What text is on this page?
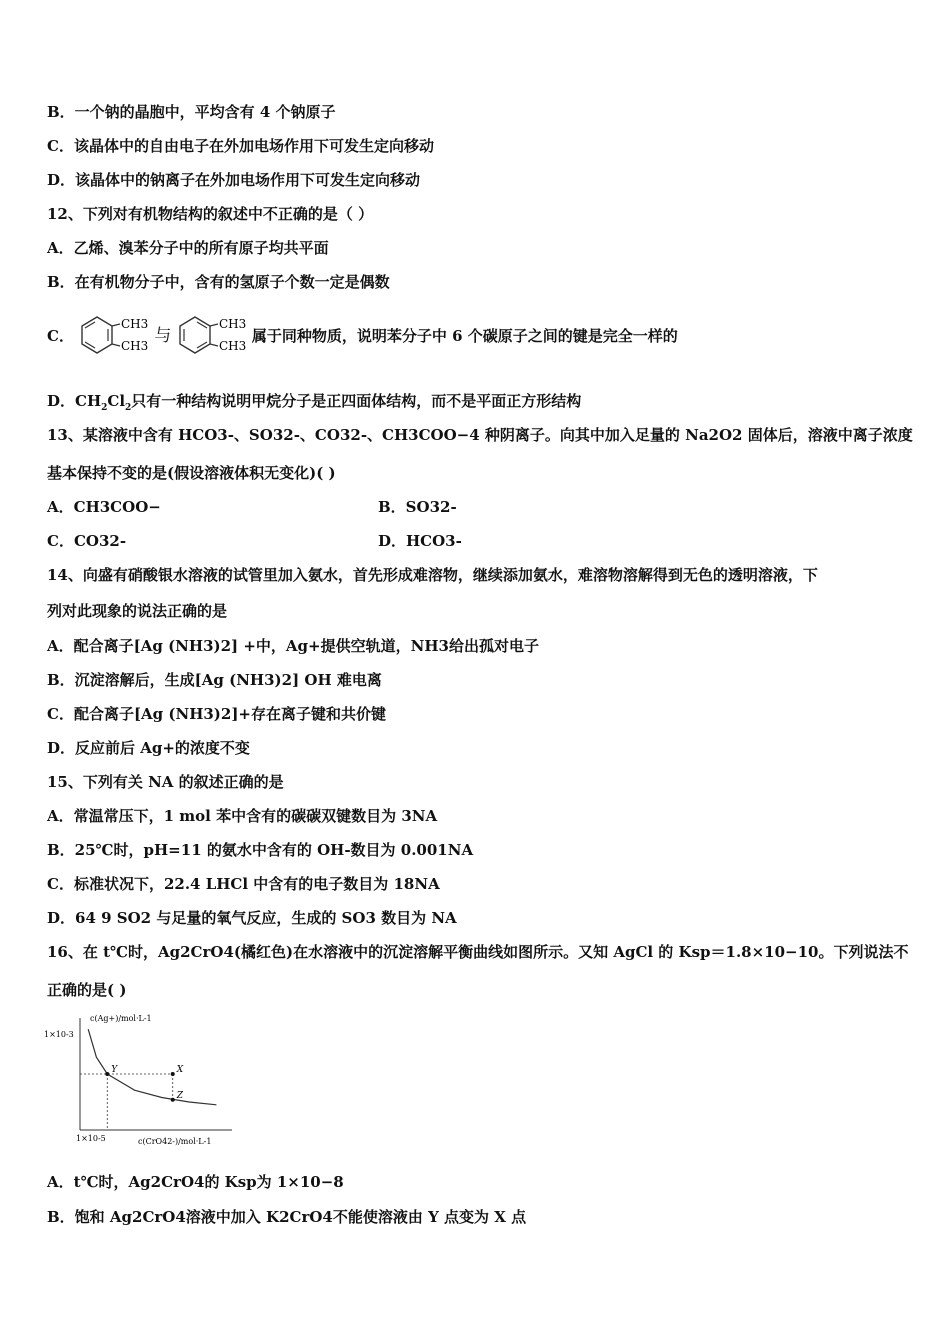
B．一个钠的晶胞中，平均含有 4 个钠原子
C．该晶体中的自由电子在外加电场作用下可发生定向移动
D．该晶体中的钠离子在外加电场作用下可发生定向移动
12、下列对有机物结构的叙述中不正确的是（ ）
A．乙烯、溴苯分子中的所有原子均共平面
B．在有机物分子中，含有的氢原子个数一定是偶数
C．
CH3
CH3 与
CH3
CH3
属于同种物质，说明苯分子中 6 个碳原子之间的键是完全一样的
D．$CH_2Cl_2$只有一种结构说明甲烷分子是正四面体结构，而不是平面正方形结构
13、某溶液中含有 HCO3-、SO32-、CO32-、CH3COO−4 种阴离子。向其中加入足量的 Na2O2 固体后，溶液中离子浓度
基本保持不变的是(假设溶液体积无变化)( )
A．CH3COO−	B．SO32-
C．CO32-	D．HCO3-
14、向盛有硝酸银水溶液的试管里加入氨水，首先形成难溶物，继续添加氨水，难溶物溶解得到无色的透明溶液，下
列对此现象的说法正确的是
A．配合离子[Ag (NH3)2] +中，Ag+提供空轨道，NH3给出孤对电子
B．沉淀溶解后，生成[Ag (NH3)2] OH 难电离
C．配合离子[Ag (NH3)2]+存在离子键和共价键
D．反应前后 Ag+的浓度不变
15、下列有关 NA 的叙述正确的是
A．常温常压下，1 mol 苯中含有的碳碳双键数目为 3NA
B．25℃时，pH=11 的氨水中含有的 OH-数目为 0.001NA
C．标准状况下，22.4 LHCl 中含有的电子数目为 18NA
D．64 9 SO2 与足量的氧气反应，生成的 SO3 数目为 NA
16、在 t℃时，Ag2CrO4(橘红色)在水溶液中的沉淀溶解平衡曲线如图所示。又知 AgCl 的 Ksp＝1.8×10−10。下列说法不
正确的是( )
c(Ag+)/mol·L-1
1×10-3
1×10-5	c(CrO42-)/mol·L-1
Y	X
Z
A．t℃时，Ag2CrO4的 Ksp为 1×10−8
B．饱和 Ag2CrO4溶液中加入 K2CrO4不能使溶液由 Y 点变为 X 点
